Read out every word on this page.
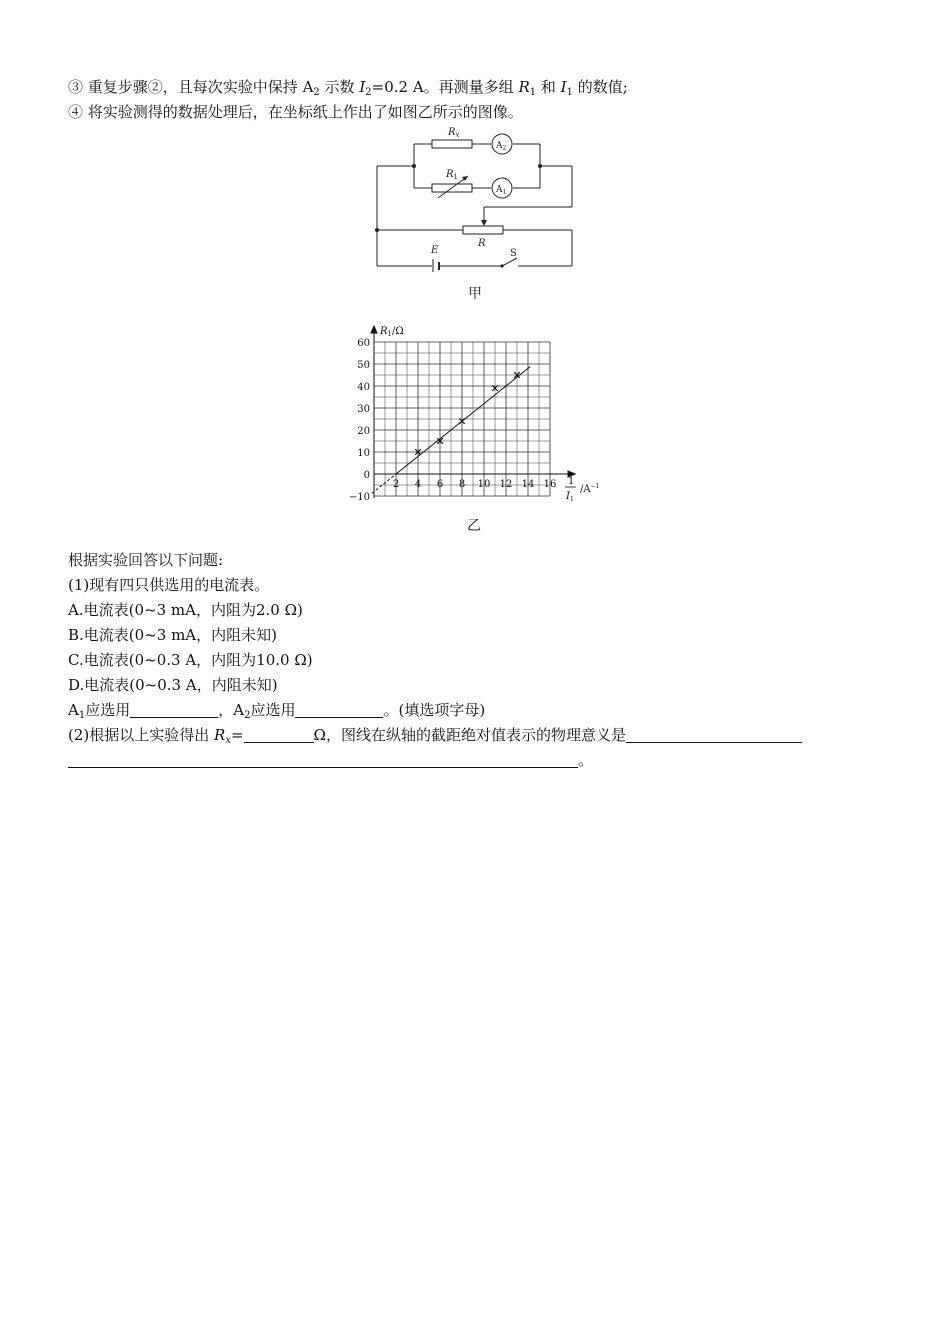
③ 重复步骤②，且每次实验中保持 $A_2$ 示数 $I_2=0.2$ A。再测量多组 $R_1$ 和 $I_1$ 的数值;
④ 将实验测得的数据处理后，在坐标纸上作出了如图乙所示的图像。
$R_x$
$R_1$
R
E
$A_2$
$A_1$
S
甲
60
50
40
30
20
10
0
−10
2 4 6 8 10 12 14 16
$R_1/\Omega$
1
$I_1$
$/A^{-1}$
乙
根据实验回答以下问题:
(1)现有四只供选用的电流表。
A.电流表(0~3 mA，内阻为2.0 Ω)
B.电流表(0~3 mA，内阻未知)
C.电流表(0~0.3 A，内阻为10.0 Ω)
D.电流表(0~0.3 A，内阻未知)
$A_1$应选用	，$A_2$应选用	。(填选项字母)
(2)根据以上实验得出 $R_x=$	Ω，图线在纵轴的截距绝对值表示的物理意义是
。
